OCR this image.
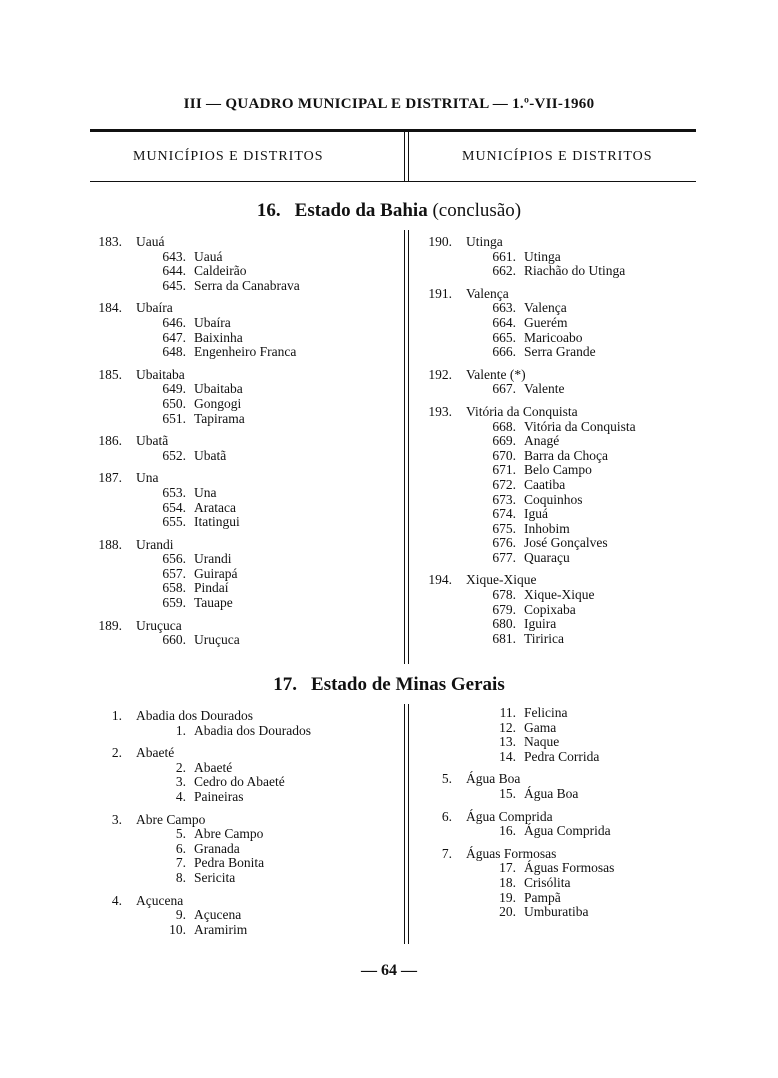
III — QUADRO MUNICIPAL E DISTRITAL — 1.º-VII-1960
MUNICÍPIOS E DISTRITOS	MUNICÍPIOS E DISTRITOS
16. Estado da Bahia (conclusão)
183. Uauá
643. Uauá
644. Caldeirão
645. Serra da Canabrava
184. Ubaíra
646. Ubaíra
647. Baixinha
648. Engenheiro Franca
185. Ubaitaba
649. Ubaitaba
650. Gongogi
651. Tapirama
186. Ubatã
652. Ubatã
187. Una
653. Una
654. Arataca
655. Itatingui
188. Urandi
656. Urandi
657. Guirapá
658. Pindaí
659. Tauape
189. Uruçuca
660. Uruçuca
190. Utinga
661. Utinga
662. Riachão do Utinga
191. Valença
663. Valença
664. Guerém
665. Maricoabo
666. Serra Grande
192. Valente (*)
667. Valente
193. Vitória da Conquista
668. Vitória da Conquista
669. Anagé
670. Barra da Choça
671. Belo Campo
672. Caatiba
673. Coquinhos
674. Iguá
675. Inhobim
676. José Gonçalves
677. Quaraçu
194. Xique-Xique
678. Xique-Xique
679. Copixaba
680. Iguira
681. Tiririca
17. Estado de Minas Gerais
1. Abadia dos Dourados
1. Abadia dos Dourados
2. Abaeté
2. Abaeté
3. Cedro do Abaeté
4. Paineiras
3. Abre Campo
5. Abre Campo
6. Granada
7. Pedra Bonita
8. Sericita
4. Açucena
9. Açucena
10. Aramirim
11. Felicina
12. Gama
13. Naque
14. Pedra Corrida
5. Água Boa
15. Água Boa
6. Água Comprida
16. Água Comprida
7. Águas Formosas
17. Águas Formosas
18. Crisólita
19. Pampã
20. Umburatiba
— 64 —
